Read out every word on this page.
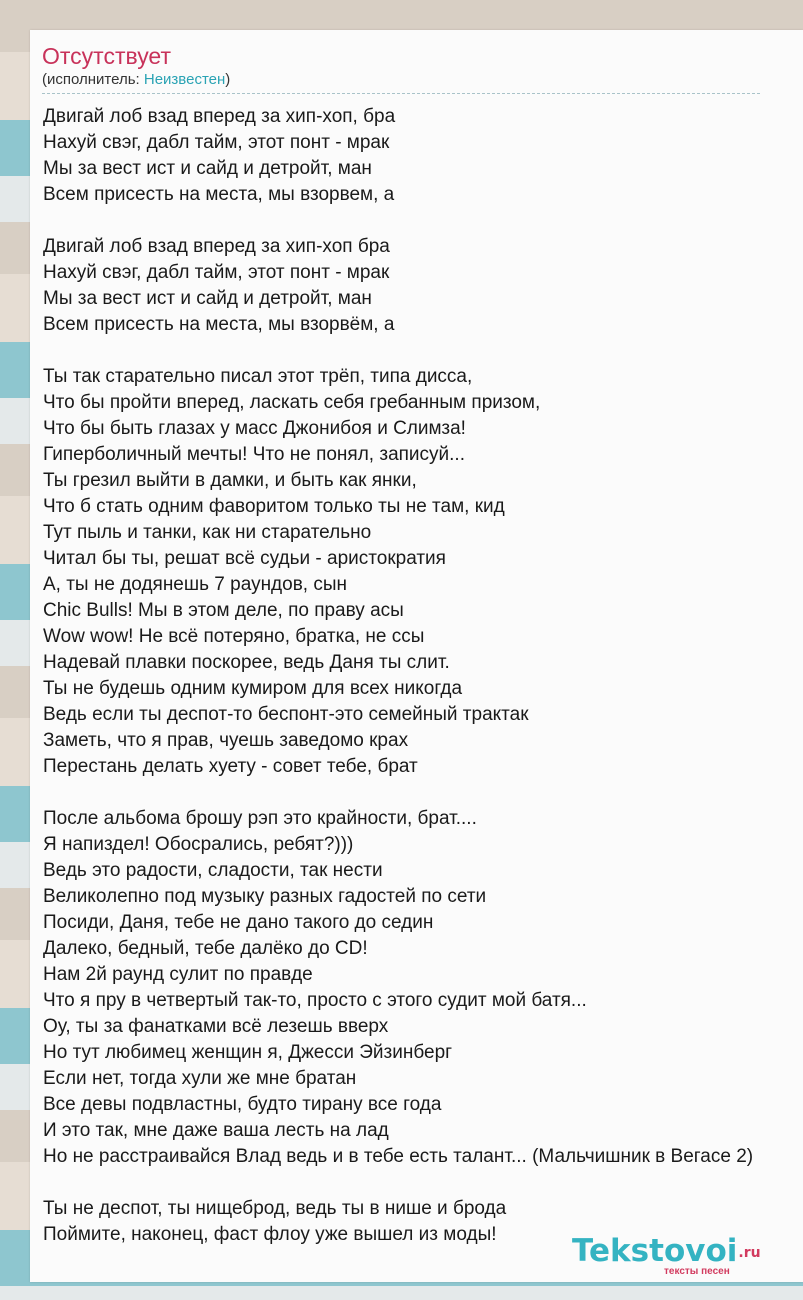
Отсутствует
(исполнитель: Неизвестен)
Двигай лоб взад вперед за хип-хоп, бра
Нахуй свэг, дабл тайм, этот понт - мрак
Мы за вест ист и сайд и детройт, ман
Всем присесть на места, мы взорвем, а
Двигай лоб взад вперед за хип-хоп бра
Нахуй свэг, дабл тайм, этот понт - мрак
Мы за вест ист и сайд и детройт, ман
Всем присесть на места, мы взорвём, а
Ты так старательно писал этот трёп, типа дисса,
Что бы пройти вперед, ласкать себя гребанным призом,
Что бы быть глазах у масс Джонибоя и Слимза!
Гиперболичный мечты! Что не понял, записуй...
Ты грезил выйти в дамки, и быть как янки,
Что б стать одним фаворитом только ты не там, кид
Тут пыль и танки, как ни старательно
Читал бы ты, решат всё судьи - аристократия
А, ты не додянешь 7 раундов, сын
Chic Bulls! Мы в этом деле, по праву асы
Wow wow! Не всё потеряно, братка, не ссы
Надевай плавки поскорее, ведь Даня ты слит.
Ты не будешь одним кумиром для всех никогда
Ведь если ты деспот-то беспонт-это семейный трактак
Заметь, что я прав, чуешь заведомо крах
Перестань делать хуету - совет тебе, брат
После альбома брошу рэп это крайности, брат....
Я напиздел! Обосрались, ребят?)))
Ведь это радости, сладости, так нести
Великолепно под музыку разных гадостей по сети
Посиди, Даня, тебе не дано такого до седин
Далеко, бедный, тебе далёко до CD!
Нам 2й раунд сулит по правде
Что я пру в четвертый так-то, просто с этого судит мой батя...
Оу, ты за фанатками всё лезешь вверх
Но тут любимец женщин я, Джесси Эйзинберг
Если нет, тогда хули же мне братан
Все девы подвластны, будто тирану все года
И это так, мне даже ваша лесть на лад
Но не расстраивайся Влад ведь и в тебе есть талант... (Мальчишник в Вегасе 2)
Ты не деспот, ты нищеброд, ведь ты в нише и брода
Поймите, наконец, фаст флоу уже вышел из моды!	Tekstovoi.ru
тексты песен
